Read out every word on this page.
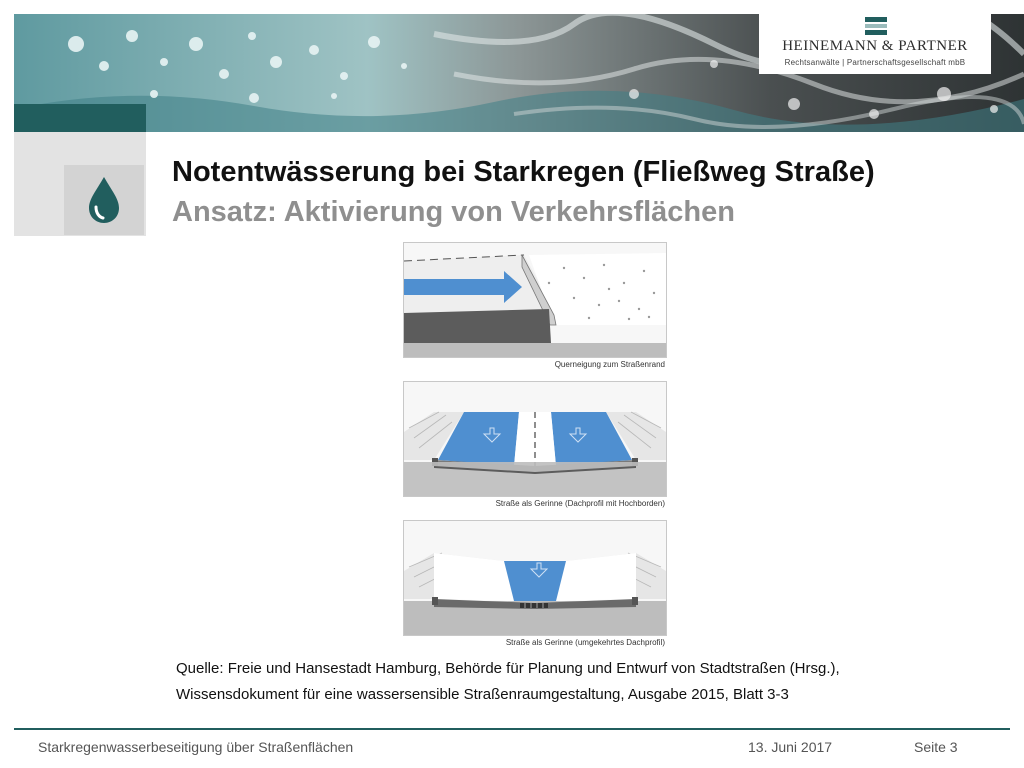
HEINEMANN & PARTNER
Rechtsanwälte | Partnerschaftsgesellschaft mbB
Notentwässerung bei Starkregen (Fließweg Straße)
Ansatz: Aktivierung von Verkehrsflächen
Querneigung zum Straßenrand
Straße als Gerinne (Dachprofil mit Hochborden)
Straße als Gerinne (umgekehrtes Dachprofil)
Quelle: Freie und Hansestadt Hamburg, Behörde für Planung und Entwurf von Stadtstraßen (Hrsg.),
Wissensdokument für eine wassersensible Straßenraumgestaltung, Ausgabe 2015, Blatt 3-3
Starkregenwasserbeseitigung über Straßenflächen	13. Juni 2017	Seite 3
